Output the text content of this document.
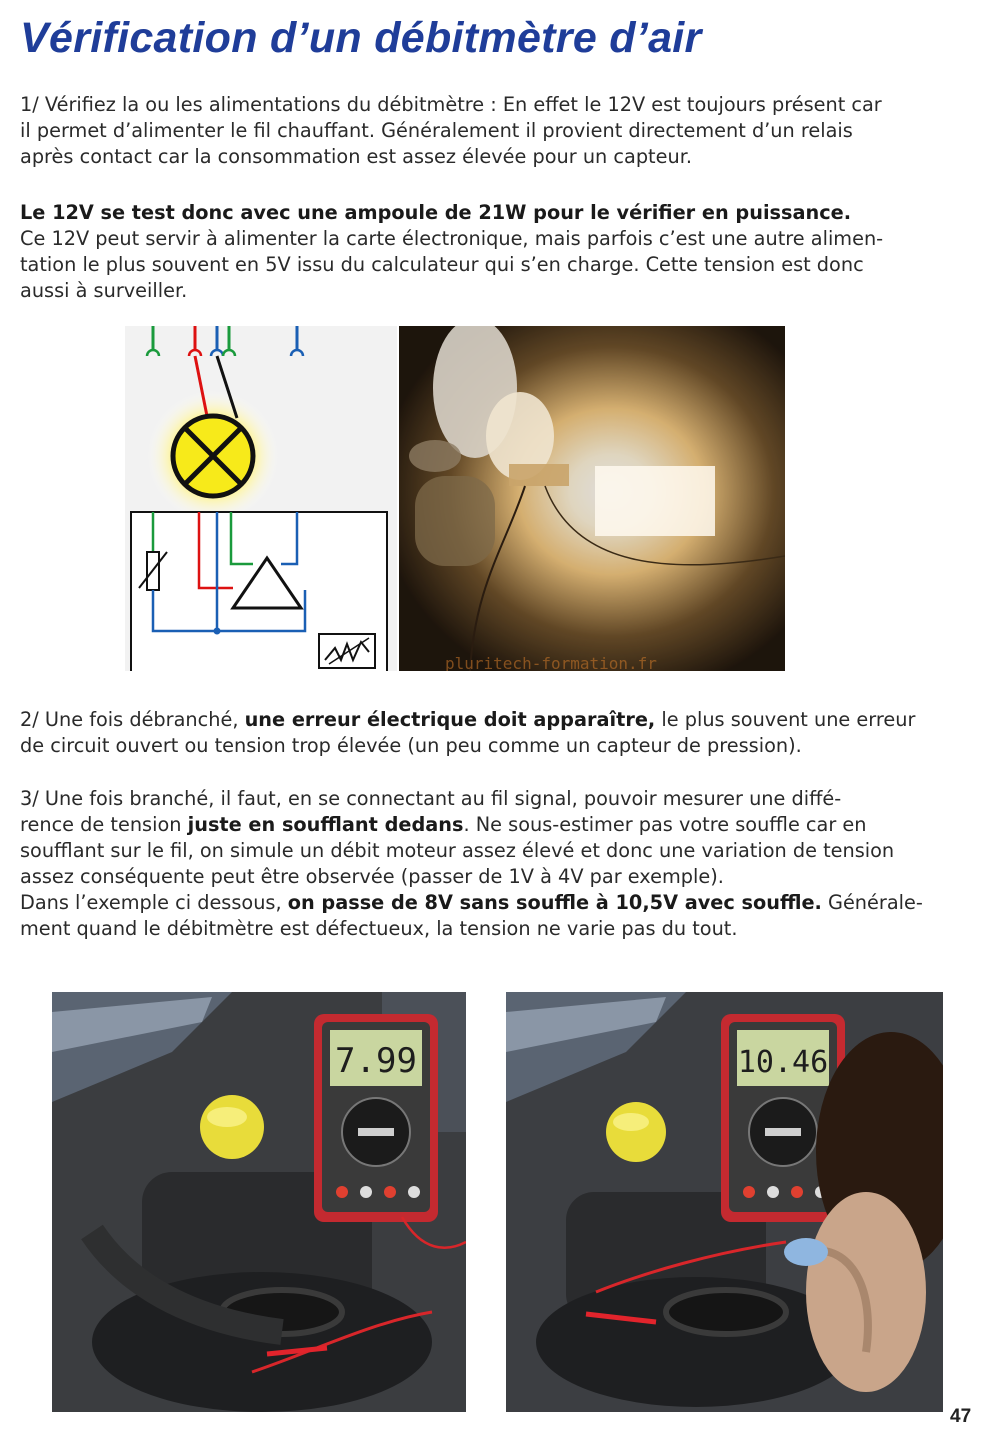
Vérification d’un débitmètre d’air
1/ Vérifiez la ou les alimentations du débitmètre : En effet le 12V est toujours présent car
il permet d’alimenter le fil chauffant. Généralement il provient directement d’un relais
après contact car la consommation est assez élevée pour un capteur.
Le 12V se test donc avec une ampoule de 21W pour le vérifier en puissance.
Ce 12V peut servir à alimenter la carte électronique, mais parfois c’est une autre alimen-
tation le plus souvent en 5V issu du calculateur qui s’en charge. Cette tension est donc
aussi à surveiller.
pluritech-formation.fr
2/ Une fois débranché, une erreur électrique doit apparaître, le plus souvent une erreur
de circuit ouvert ou tension trop élevée (un peu comme un capteur de pression).
3/ Une fois branché, il faut, en se connectant au fil signal, pouvoir mesurer une diffé-
rence de tension juste en soufflant dedans. Ne sous-estimer pas votre souffle car en
soufflant sur le fil, on simule un débit moteur assez élevé et donc une variation de tension
assez conséquente peut être observée (passer de 1V à 4V par exemple).
Dans l’exemple ci dessous, on passe de 8V sans souffle à 10,5V avec souffle. Générale-
ment quand le débitmètre est défectueux, la tension ne varie pas du tout.
7.99	10.46
47
